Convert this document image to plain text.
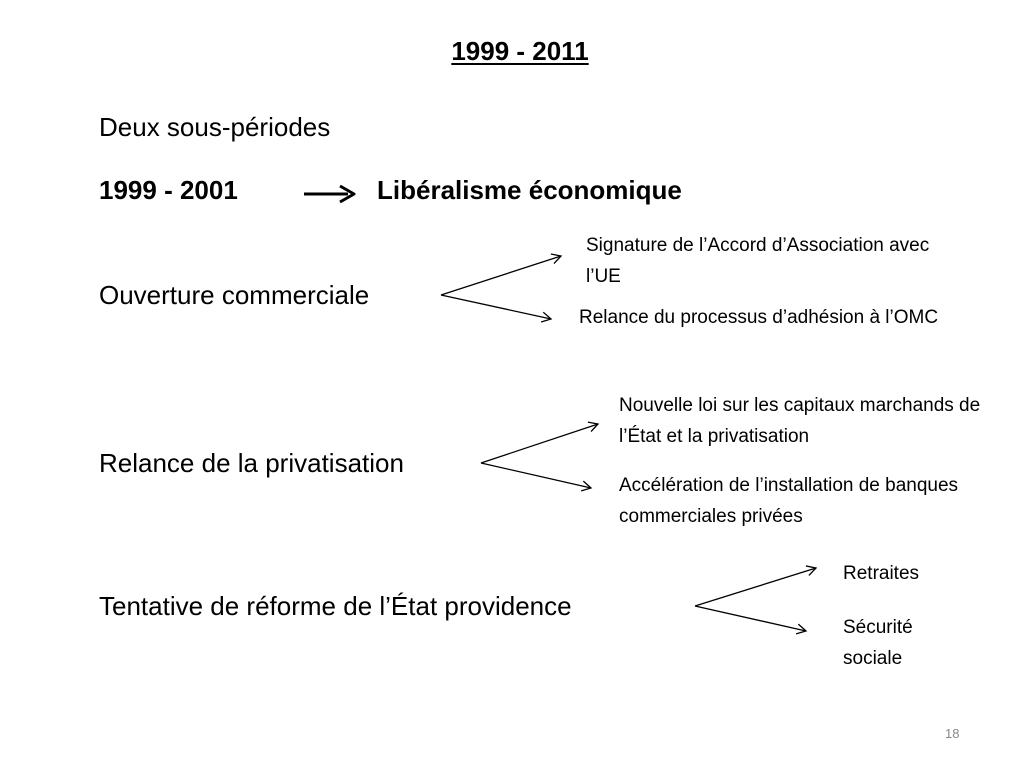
1999 - 2011
Deux sous-périodes
1999 - 2001	Libéralisme économique
Ouverture commerciale
Signature de l’Accord d’Association avec l’UE
Relance du processus d’adhésion à l’OMC
Relance de la privatisation
Nouvelle loi sur les capitaux marchands de l’État et la privatisation
Accélération de l’installation de banques commerciales privées
Tentative de réforme de l’État providence
Retraites
Sécurité sociale
18
